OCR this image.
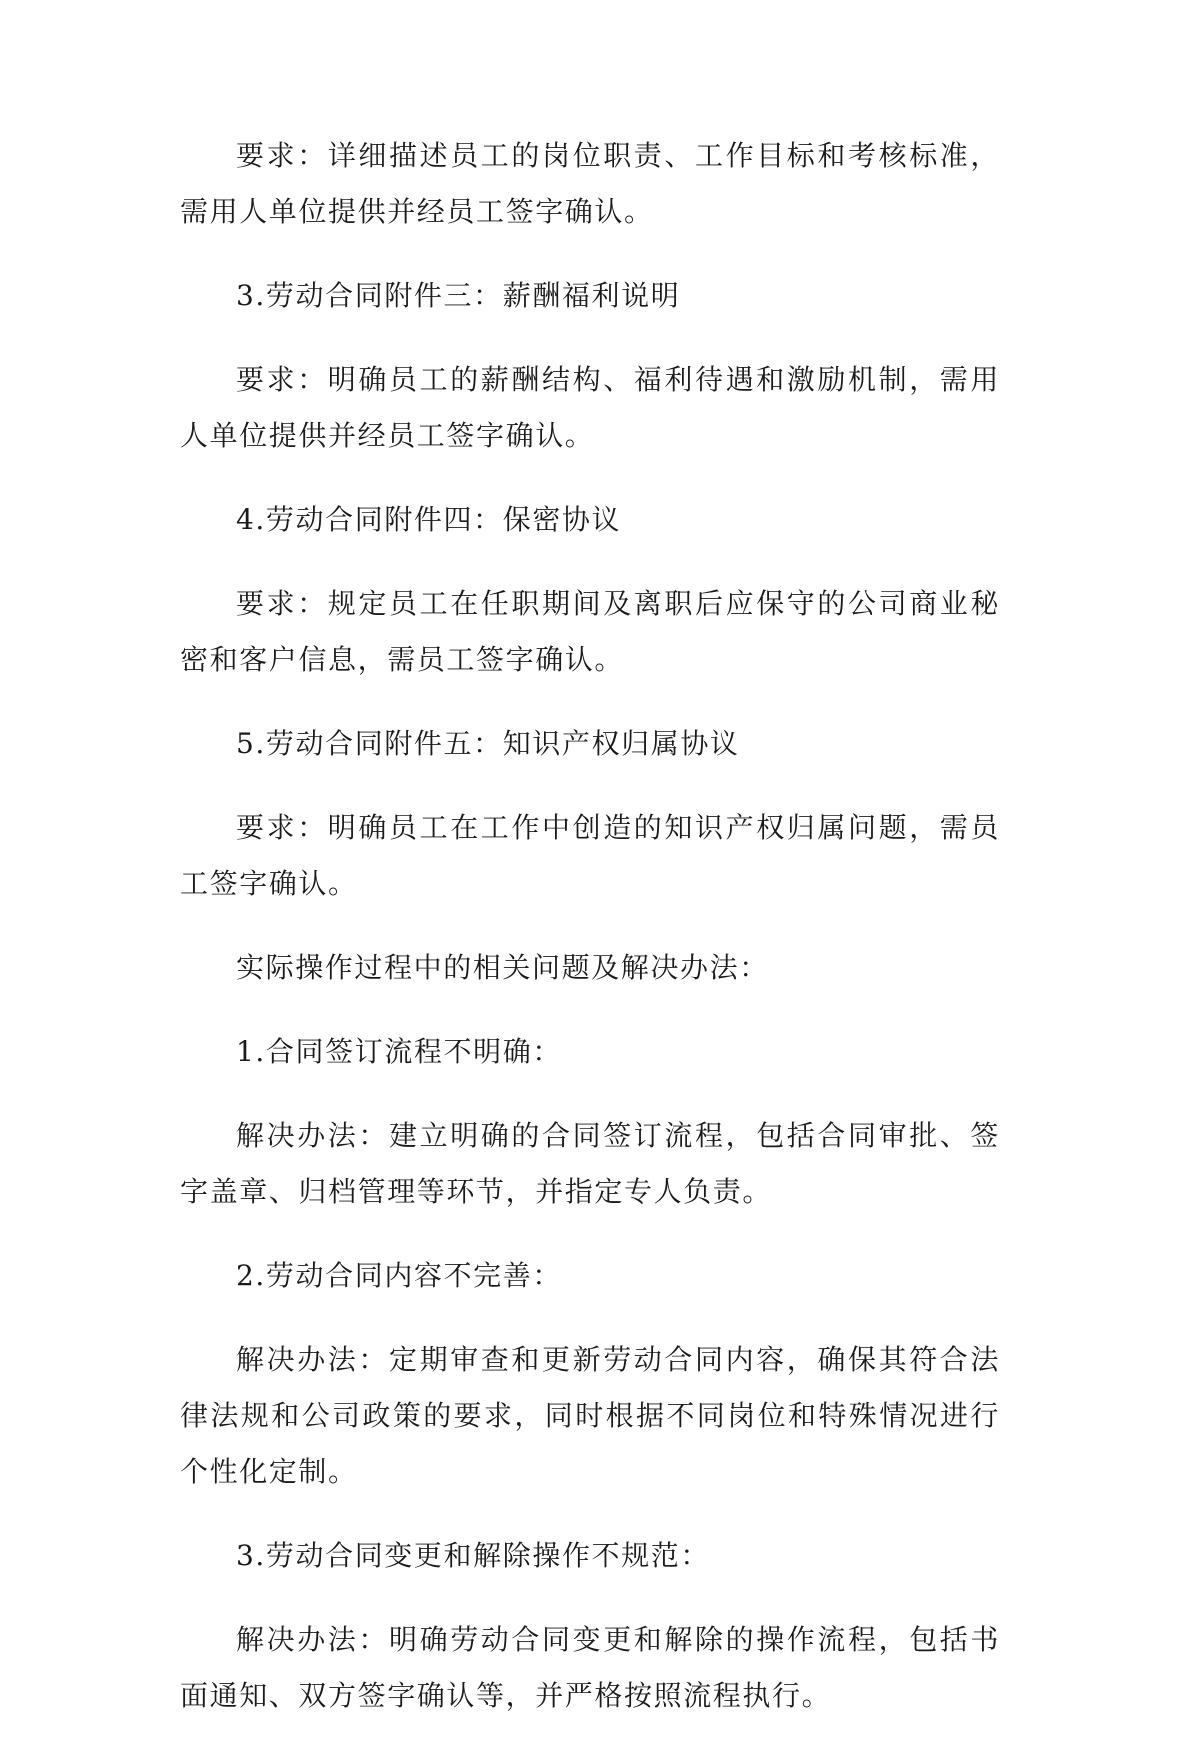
要求：详细描述员工的岗位职责、工作目标和考核标准，需用人单位提供并经员工签字确认。

3.劳动合同附件三：薪酬福利说明

要求：明确员工的薪酬结构、福利待遇和激励机制，需用人单位提供并经员工签字确认。

4.劳动合同附件四：保密协议

要求：规定员工在任职期间及离职后应保守的公司商业秘密和客户信息，需员工签字确认。

5.劳动合同附件五：知识产权归属协议

要求：明确员工在工作中创造的知识产权归属问题，需员工签字确认。

实际操作过程中的相关问题及解决办法：

1.合同签订流程不明确：

解决办法：建立明确的合同签订流程，包括合同审批、签字盖章、归档管理等环节，并指定专人负责。

2.劳动合同内容不完善：

解决办法：定期审查和更新劳动合同内容，确保其符合法律法规和公司政策的要求，同时根据不同岗位和特殊情况进行个性化定制。

3.劳动合同变更和解除操作不规范：

解决办法：明确劳动合同变更和解除的操作流程，包括书面通知、双方签字确认等，并严格按照流程执行。
